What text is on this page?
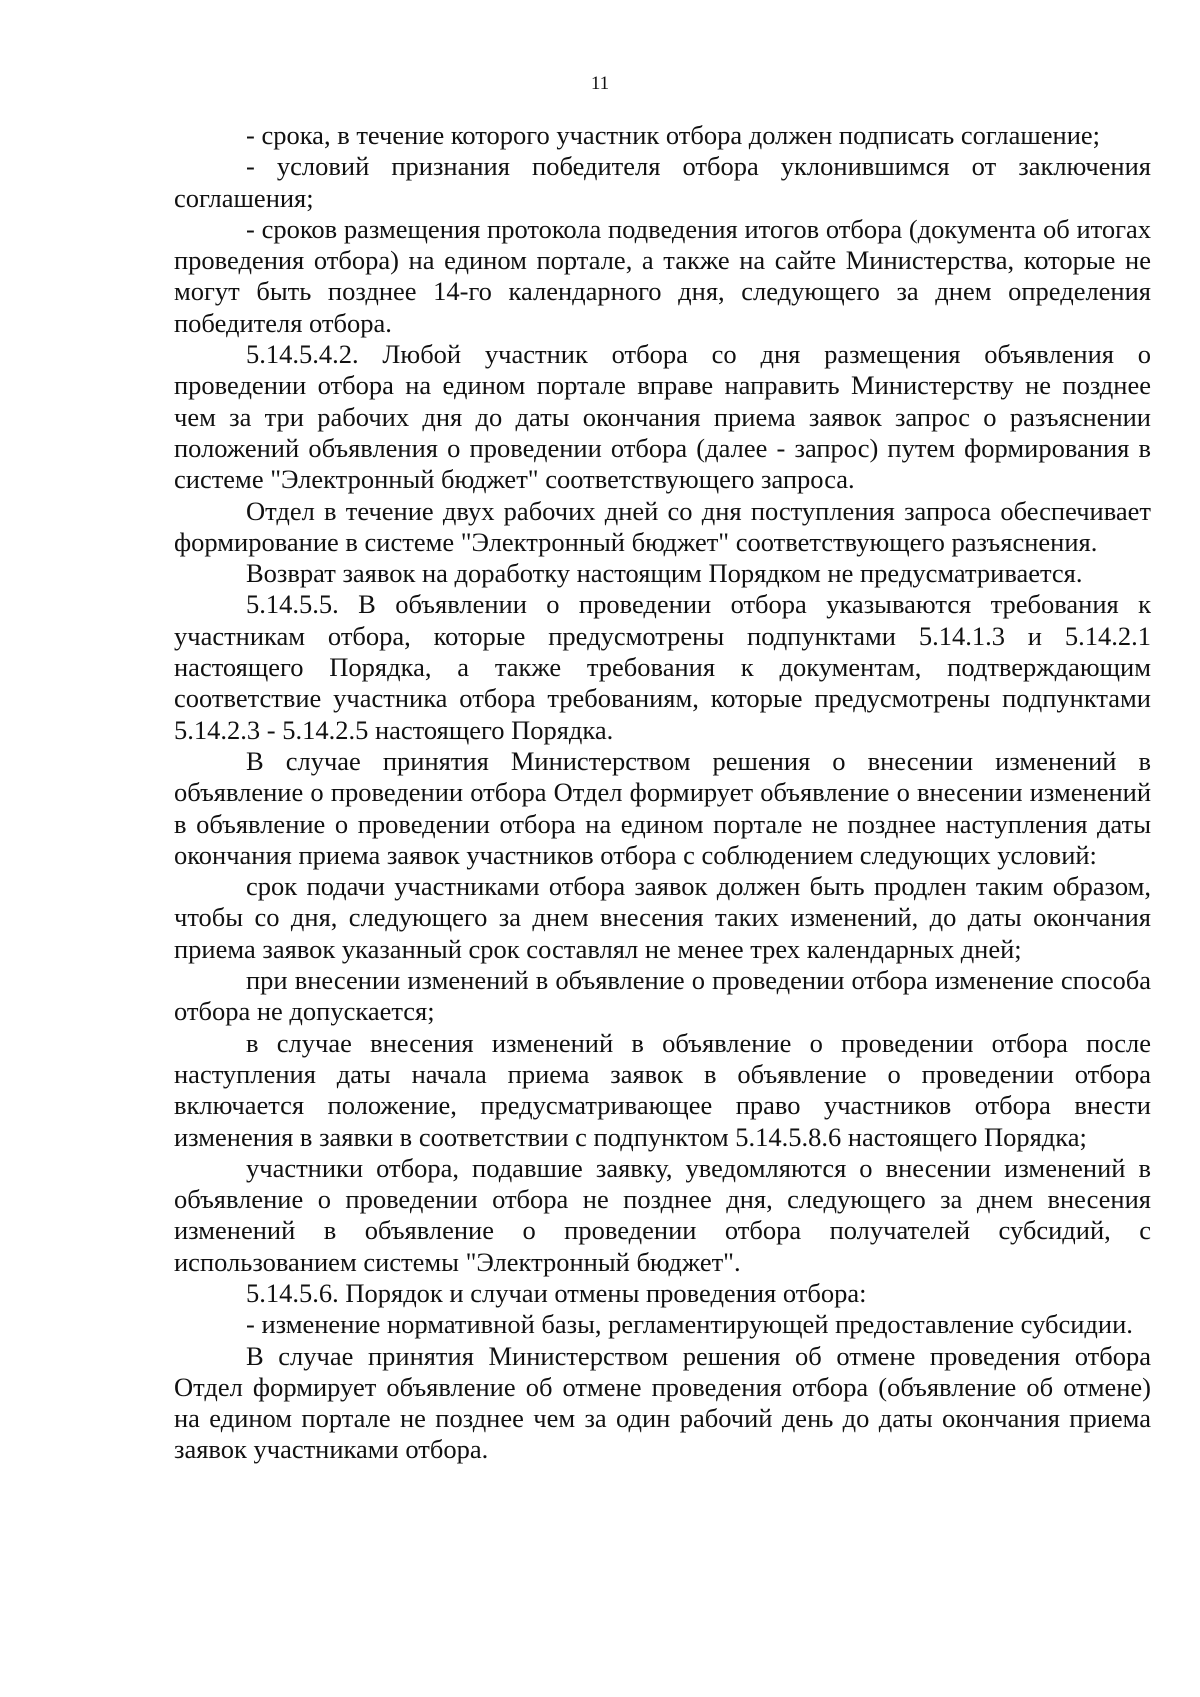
11

- срока, в течение которого участник отбора должен подписать соглашение;

- условий признания победителя отбора уклонившимся от заключения соглашения;

- сроков размещения протокола подведения итогов отбора (документа об итогах проведения отбора) на едином портале, а также на сайте Министерства, которые не могут быть позднее 14-го календарного дня, следующего за днем определения победителя отбора.

5.14.5.4.2. Любой участник отбора со дня размещения объявления о проведении отбора на едином портале вправе направить Министерству не позднее чем за три рабочих дня до даты окончания приема заявок запрос о разъяснении положений объявления о проведении отбора (далее - запрос) путем формирования в системе "Электронный бюджет" соответствующего запроса.

Отдел в течение двух рабочих дней со дня поступления запроса обеспечивает формирование в системе "Электронный бюджет" соответствующего разъяснения.

Возврат заявок на доработку настоящим Порядком не предусматривается.

5.14.5.5. В объявлении о проведении отбора указываются требования к участникам отбора, которые предусмотрены подпунктами 5.14.1.3 и 5.14.2.1 настоящего Порядка, а также требования к документам, подтверждающим соответствие участника отбора требованиям, которые предусмотрены подпунктами 5.14.2.3 - 5.14.2.5 настоящего Порядка.

В случае принятия Министерством решения о внесении изменений в объявление о проведении отбора Отдел формирует объявление о внесении изменений в объявление о проведении отбора на едином портале не позднее наступления даты окончания приема заявок участников отбора с соблюдением следующих условий:

срок подачи участниками отбора заявок должен быть продлен таким образом, чтобы со дня, следующего за днем внесения таких изменений, до даты окончания приема заявок указанный срок составлял не менее трех календарных дней;

при внесении изменений в объявление о проведении отбора изменение способа отбора не допускается;

в случае внесения изменений в объявление о проведении отбора после наступления даты начала приема заявок в объявление о проведении отбора включается положение, предусматривающее право участников отбора внести изменения в заявки в соответствии с подпунктом 5.14.5.8.6 настоящего Порядка;

участники отбора, подавшие заявку, уведомляются о внесении изменений в объявление о проведении отбора не позднее дня, следующего за днем внесения изменений в объявление о проведении отбора получателей субсидий, с использованием системы "Электронный бюджет".

5.14.5.6. Порядок и случаи отмены проведения отбора:

- изменение нормативной базы, регламентирующей предоставление субсидии.

В случае принятия Министерством решения об отмене проведения отбора Отдел формирует объявление об отмене проведения отбора (объявление об отмене) на едином портале не позднее чем за один рабочий день до даты окончания приема заявок участниками отбора.
